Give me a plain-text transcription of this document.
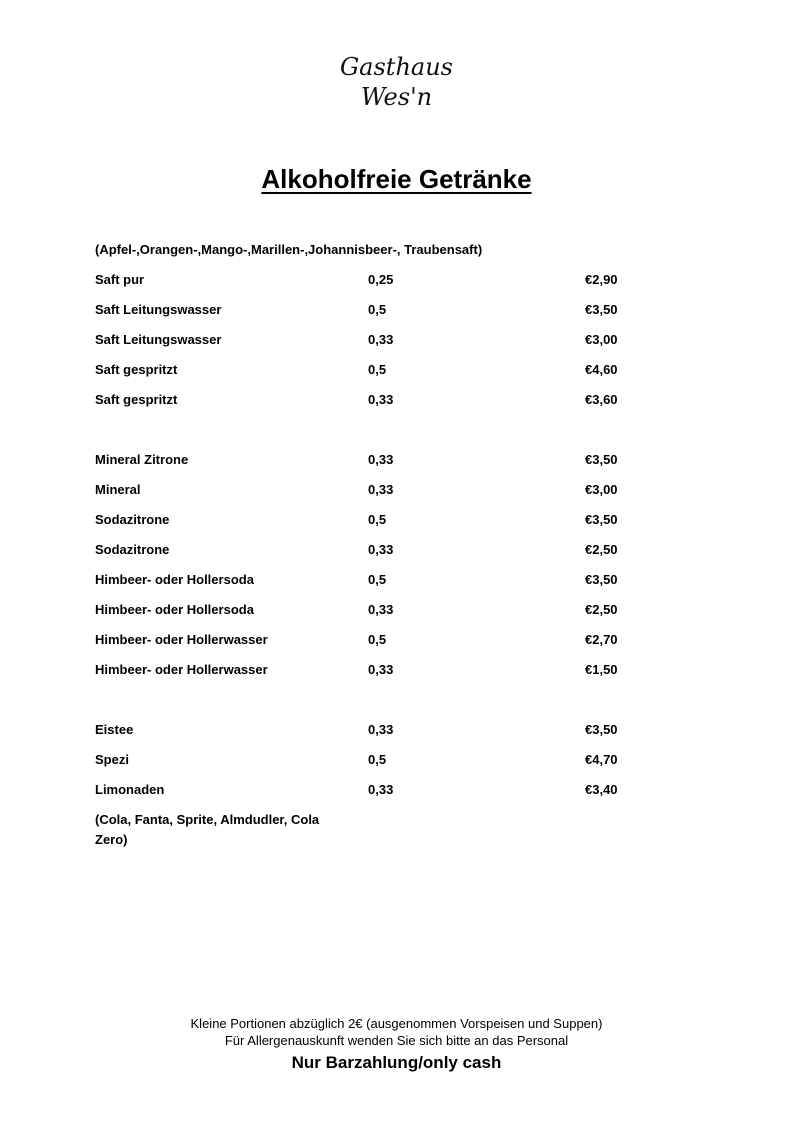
Gasthaus
Wes'n
Alkoholfreie Getränke
(Apfel-,Orangen-,Mango-,Marillen-,Johannisbeer-, Traubensaft)
Saft pur	0,25	€2,90
Saft Leitungswasser	0,5	€3,50
Saft Leitungswasser	0,33	€3,00
Saft gespritzt	0,5	€4,60
Saft gespritzt	0,33	€3,60
Mineral Zitrone	0,33	€3,50
Mineral	0,33	€3,00
Sodazitrone	0,5	€3,50
Sodazitrone	0,33	€2,50
Himbeer- oder Hollersoda	0,5	€3,50
Himbeer- oder Hollersoda	0,33	€2,50
Himbeer- oder Hollerwasser	0,5	€2,70
Himbeer- oder Hollerwasser	0,33	€1,50
Eistee	0,33	€3,50
Spezi	0,5	€4,70
Limonaden	0,33	€3,40
(Cola, Fanta, Sprite, Almdudler, Cola Zero)
Kleine Portionen abzüglich 2€ (ausgenommen Vorspeisen und Suppen)
Für Allergenauskunft wenden Sie sich bitte an das Personal
Nur Barzahlung/only cash
